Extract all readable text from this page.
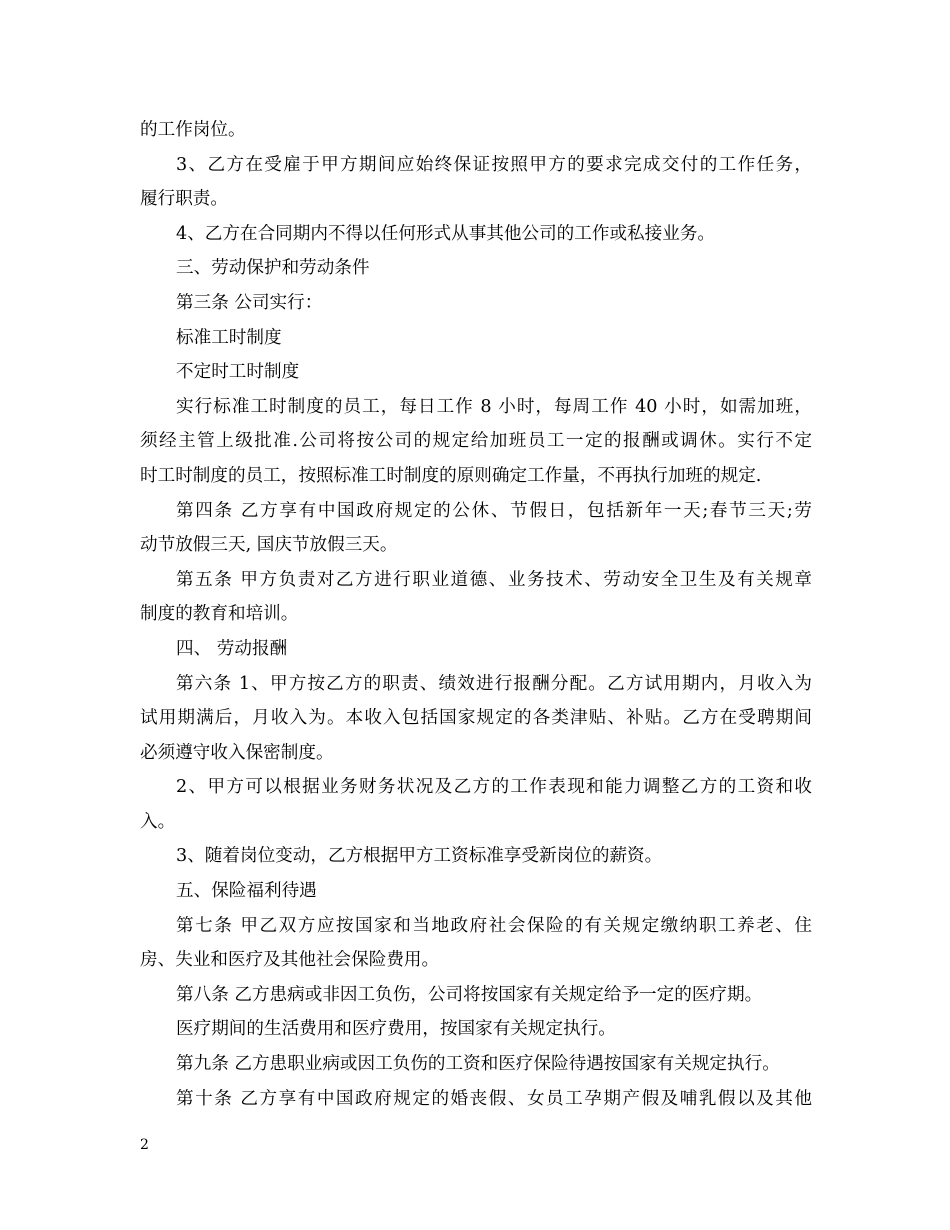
的工作岗位。
3、乙方在受雇于甲方期间应始终保证按照甲方的要求完成交付的工作任务，
履行职责。
4、乙方在合同期内不得以任何形式从事其他公司的工作或私接业务。
三、劳动保护和劳动条件
第三条 公司实行：
标准工时制度
不定时工时制度
实行标准工时制度的员工，每日工作 8 小时，每周工作 40 小时，如需加班，
须经主管上级批准.公司将按公司的规定给加班员工一定的报酬或调休。实行不定
时工时制度的员工，按照标准工时制度的原则确定工作量，不再执行加班的规定.
第四条 乙方享有中国政府规定的公休、节假日，包括新年一天;春节三天;劳
动节放假三天, 国庆节放假三天。
第五条 甲方负责对乙方进行职业道德、业务技术、劳动安全卫生及有关规章
制度的教育和培训。
四、 劳动报酬
第六条 1、甲方按乙方的职责、绩效进行报酬分配。乙方试用期内，月收入为
试用期满后，月收入为。本收入包括国家规定的各类津贴、补贴。乙方在受聘期间
必须遵守收入保密制度。
2、甲方可以根据业务财务状况及乙方的工作表现和能力调整乙方的工资和收
入。
3、随着岗位变动，乙方根据甲方工资标准享受新岗位的薪资。
五、保险福利待遇
第七条 甲乙双方应按国家和当地政府社会保险的有关规定缴纳职工养老、住
房、失业和医疗及其他社会保险费用。
第八条 乙方患病或非因工负伤，公司将按国家有关规定给予一定的医疗期。
医疗期间的生活费用和医疗费用，按国家有关规定执行。
第九条 乙方患职业病或因工负伤的工资和医疗保险待遇按国家有关规定执行。
第十条 乙方享有中国政府规定的婚丧假、女员工孕期产假及哺乳假以及其他
2
